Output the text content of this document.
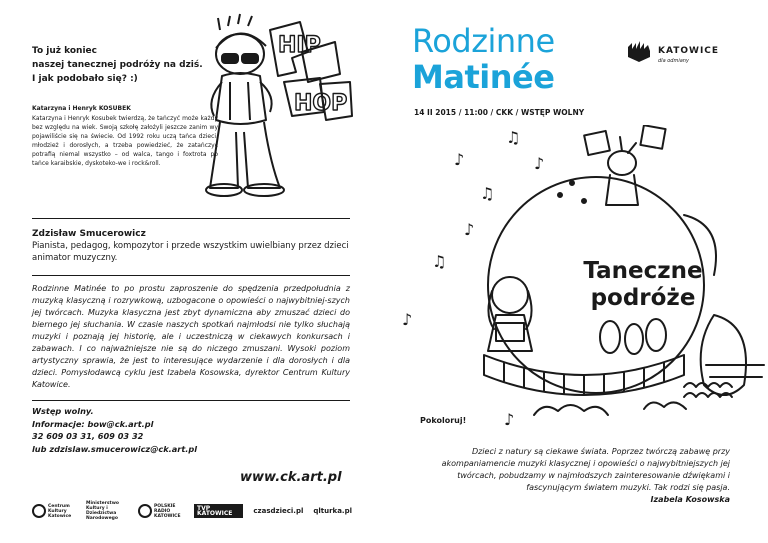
To już koniec
naszej tanecznej podróży na dziś.
I jak podobało się? :)
Katarzyna i Henryk KOSUBEK
Katarzyna i Henryk Kosubek twierdzą, że tańczyć może każdy bez względu na wiek. Swoją szkołę założyli jeszcze zanim wy pojawiliście się na świecie. Od 1992 roku uczą tańca dzieci, młodzież i dorosłych, a trzeba powiedzieć, że zatańczyć potrafią niemal wszystko – od walca, tango i foxtrota po tańce karaibskie, dyskoteko-we i rock&roll.
HIP
HOP
Zdzisław Smucerowicz
Pianista, pedagog, kompozytor i przede wszystkim uwielbiany przez dzieci animator muzyczny.
Rodzinne Matinée to po prostu zaproszenie do spędzenia przedpołudnia z muzyką klasyczną i rozrywkową, uzbogacone o opowieści o najwybitniej-szych jej twórcach. Muzyka klasyczna jest zbyt dynamiczna aby zmuszać dzieci do biernego jej słuchania. W czasie naszych spotkań najmłodsi nie tylko słuchają muzyki i poznają jej historię, ale i uczestniczą w ciekawych konkursach i zabawach. I co najważniejsze nie są do niczego zmuszani. Wysoki poziom artystyczny sprawia, że jest to interesujące wydarzenie i dla dorosłych i dla dzieci. Pomysłodawcą cyklu jest Izabela Kosowska, dyrektor Centrum Kultury Katowice.
Wstęp wolny.
Informacje: bow@ck.art.pl
32 609 03 31, 609 03 32
lub zdzislaw.smucerowicz@ck.art.pl
www.ck.art.pl
Centrum Kultury Katowice
Ministerstwo Kultury i Dziedzictwa Narodowego
POLSKIE RADIO KATOWICE
TVP KATOWICE	czasdzieci.pl qlturka.pl
Rodzinne
Matinée
14 II 2015 / 11:00 / CKK / WSTĘP WOLNY
KATOWICE
dla odmiany
♪
♫
♪
♫
♪
♫
♪
♪
Taneczne
podróże
Pokoloruj!
Dzieci z natury są ciekawe świata. Poprzez twórczą zabawę przy akompaniamencie muzyki klasycznej i opowieści o najwybitniejszych jej twórcach, pobudzamy w najmłodszych zainteresowanie dźwiękami i fascynującym światem muzyki. Tak rodzi się pasja.
Izabela Kosowska
